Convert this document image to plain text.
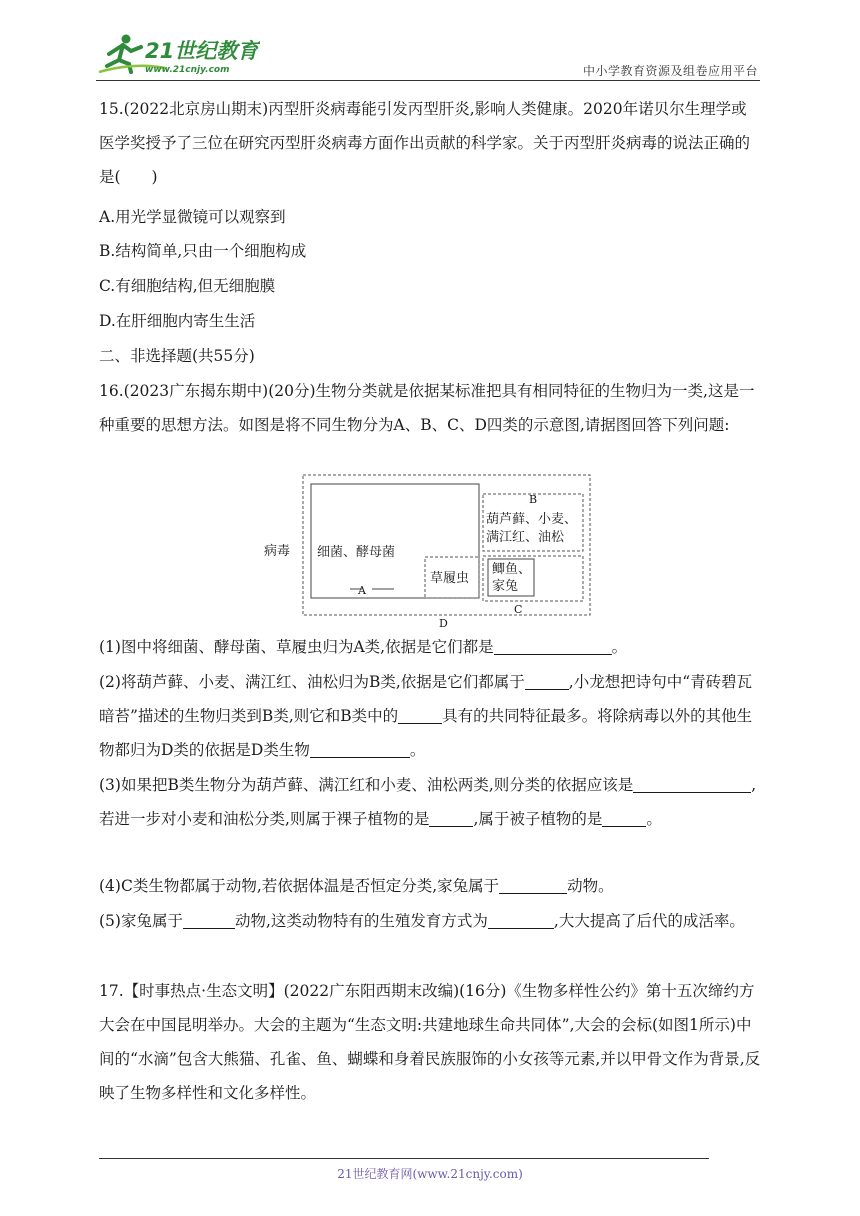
21世纪教育
www.21cnjy.com	中小学教育资源及组卷应用平台

15.(2022北京房山期末)丙型肝炎病毒能引发丙型肝炎,影响人类健康。2020年诺贝尔生理学或医学奖授予了三位在研究丙型肝炎病毒方面作出贡献的科学家。关于丙型肝炎病毒的说法正确的是(　　)

A.用光学显微镜可以观察到

B.结构简单,只由一个细胞构成

C.有细胞结构,但无细胞膜

D.在肝细胞内寄生生活

二、非选择题(共55分)

16.(2023广东揭东期中)(20分)生物分类就是依据某标准把具有相同特征的生物归为一类,这是一种重要的思想方法。如图是将不同生物分为A、B、C、D四类的示意图,请据图回答下列问题:

病毒 细菌、酵母菌
草履虫
A
B
葫芦藓、小麦、
满江红、油松
鲫鱼、
家兔
C
D

(1)图中将细菌、酵母菌、草履虫归为A类,依据是它们都是	。

(2)将葫芦藓、小麦、满江红、油松归为B类,依据是它们都属于	,小龙想把诗句中“青砖碧瓦暗苔”描述的生物归类到B类,则它和B类中的	具有的共同特征最多。将除病毒以外的其他生物都归为D类的依据是D类生物	。

(3)如果把B类生物分为葫芦藓、满江红和小麦、油松两类,则分类的依据应该是	,若进一步对小麦和油松分类,则属于裸子植物的是	,属于被子植物的是	。

(4)C类生物都属于动物,若依据体温是否恒定分类,家兔属于	动物。

(5)家兔属于	动物,这类动物特有的生殖发育方式为	,大大提高了后代的成活率。

17.【时事热点·生态文明】(2022广东阳西期末改编)(16分)《生物多样性公约》第十五次缔约方大会在中国昆明举办。大会的主题为“生态文明:共建地球生命共同体”,大会的会标(如图1所示)中间的“水滴”包含大熊猫、孔雀、鱼、蝴蝶和身着民族服饰的小女孩等元素,并以甲骨文作为背景,反映了生物多样性和文化多样性。

21世纪教育网(www.21cnjy.com)
